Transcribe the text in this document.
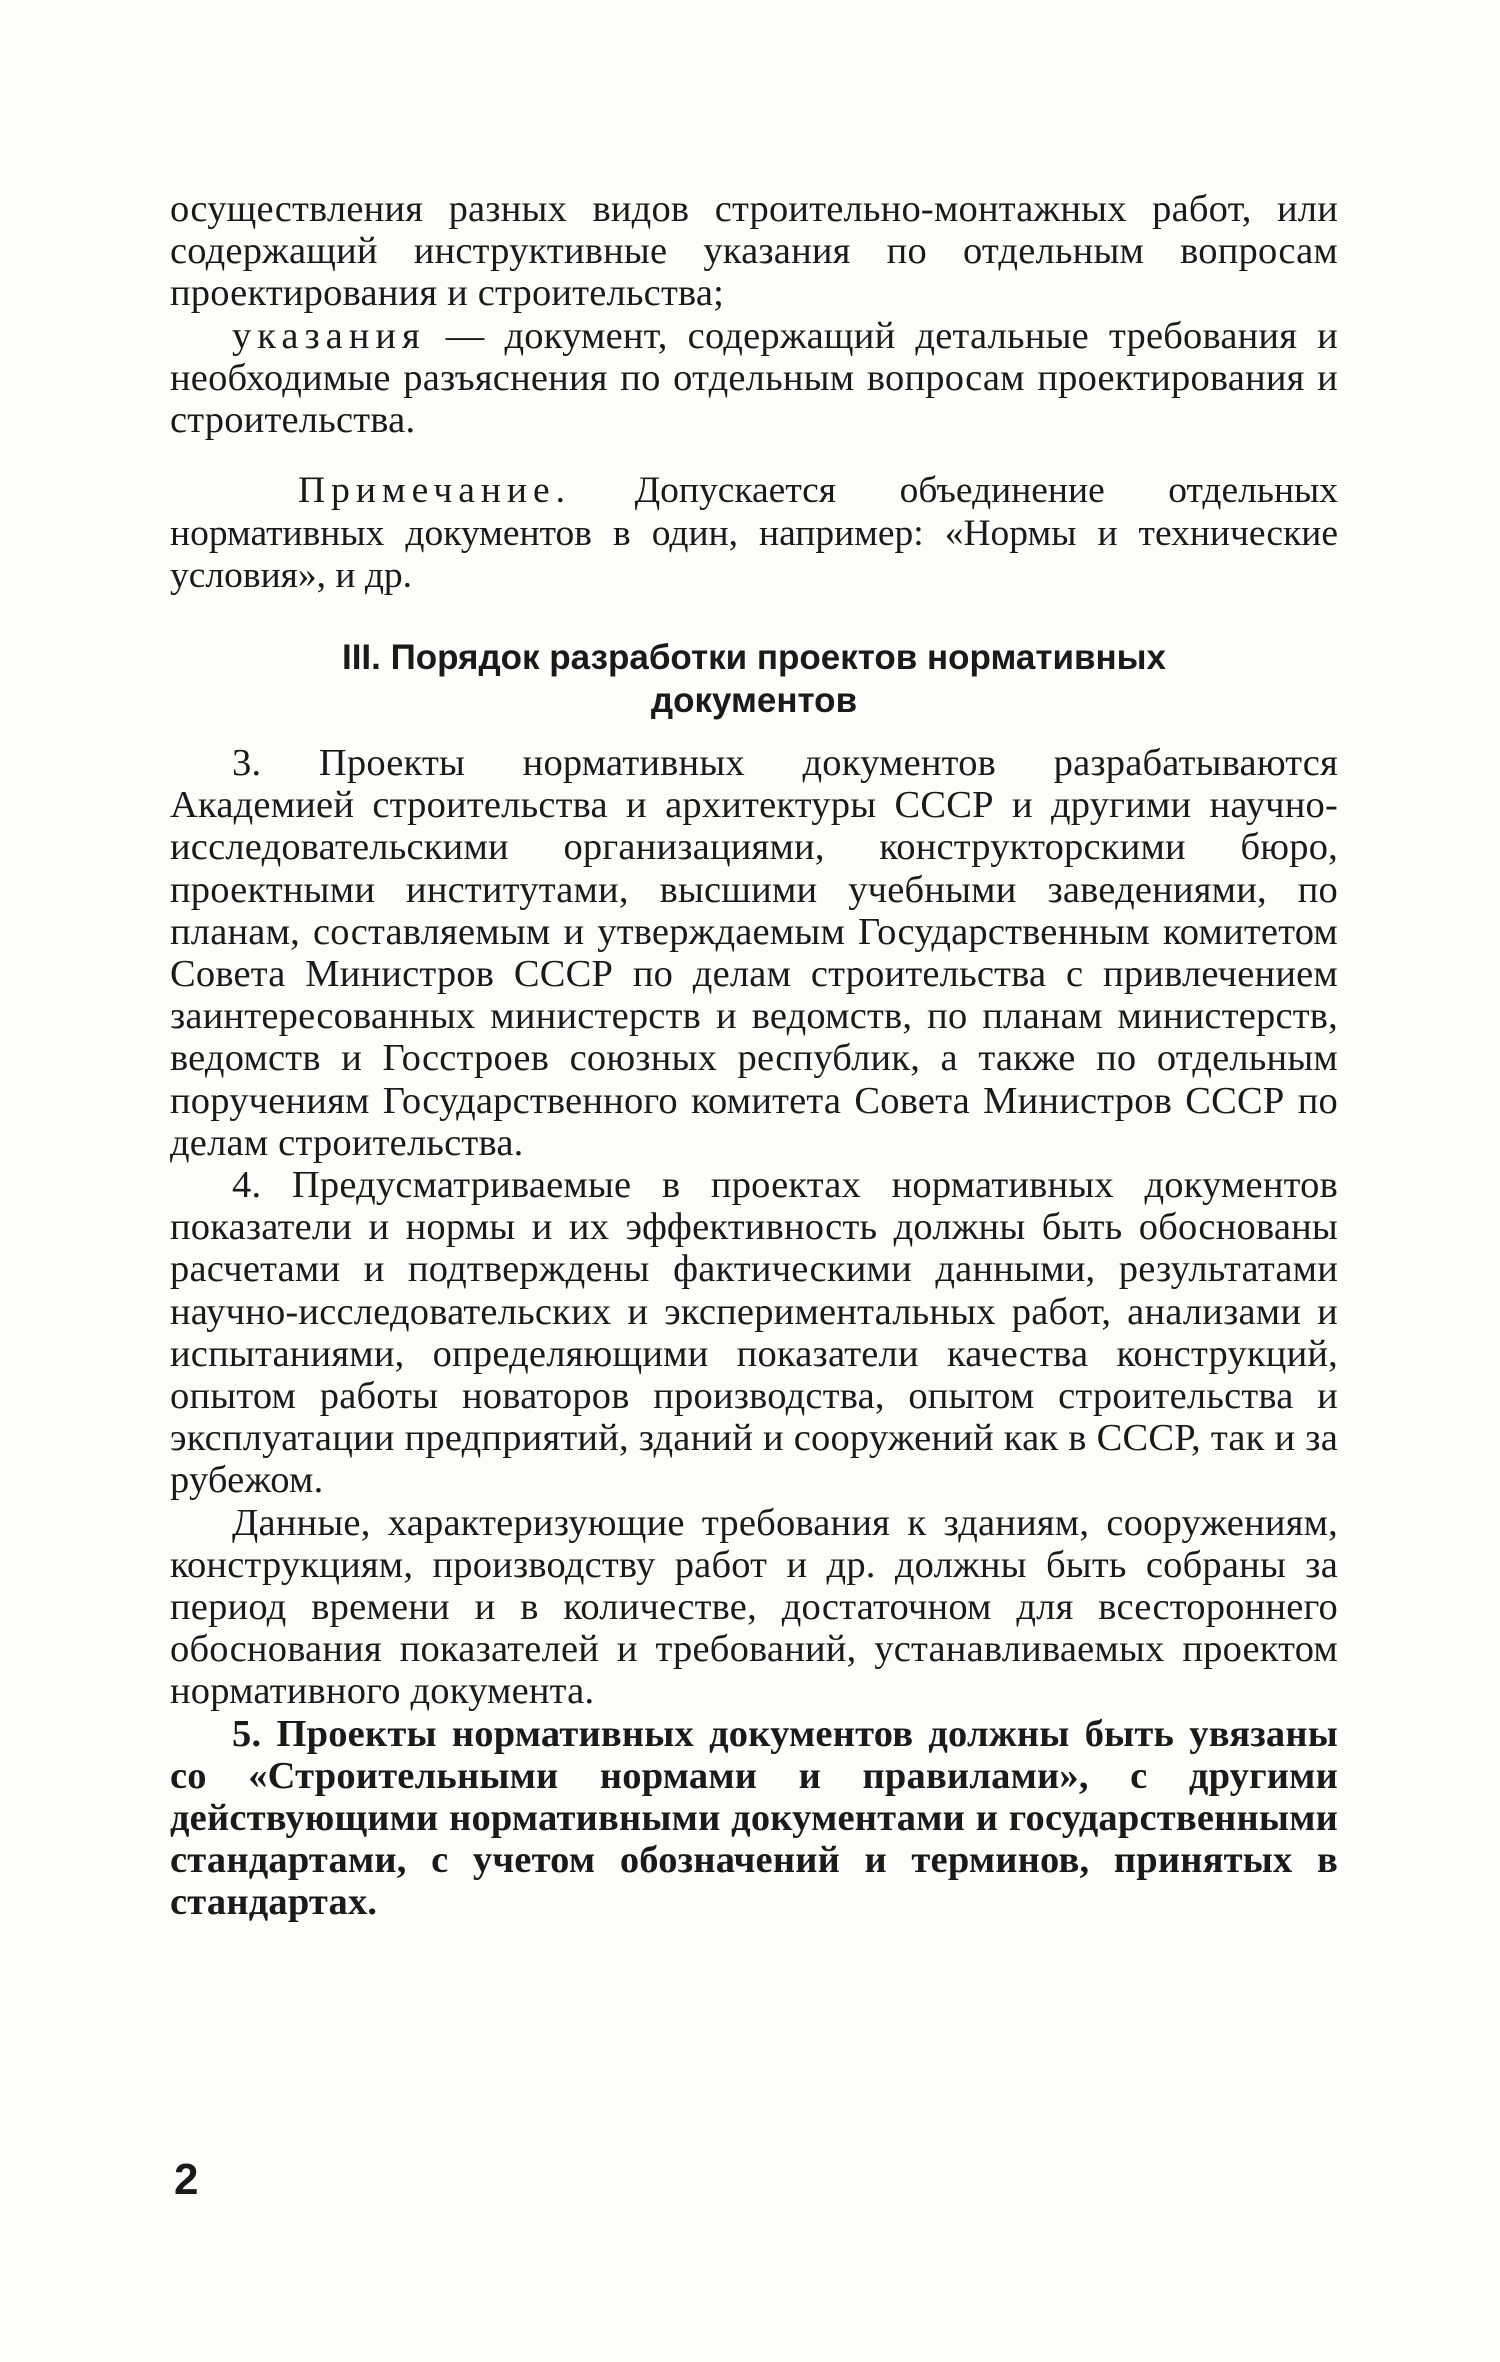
осуществления разных видов строительно-монтажных работ, или содержащий инструктивные указания по отдельным вопросам проектирования и строительства;

указания — документ, содержащий детальные требования и необходимые разъяснения по отдельным вопросам проектирования и строительства.

Примечание. Допускается объединение отдельных нормативных документов в один, например: «Нормы и технические условия», и др.

III. Порядок разработки проектов нормативных
документов

3. Проекты нормативных документов разрабатываются Академией строительства и архитектуры СССР и другими научно-исследовательскими организациями, конструкторскими бюро, проектными институтами, высшими учебными заведениями, по планам, составляемым и утверждаемым Государственным комитетом Совета Министров СССР по делам строительства с привлечением заинтересованных министерств и ведомств, по планам министерств, ведомств и Госстроев союзных республик, а также по отдельным поручениям Государственного комитета Совета Министров СССР по делам строительства.

4. Предусматриваемые в проектах нормативных документов показатели и нормы и их эффективность должны быть обоснованы расчетами и подтверждены фактическими данными, результатами научно-исследовательских и экспериментальных работ, анализами и испытаниями, определяющими показатели качества конструкций, опытом работы новаторов производства, опытом строительства и эксплуатации предприятий, зданий и сооружений как в СССР, так и за рубежом.

Данные, характеризующие требования к зданиям, сооружениям, конструкциям, производству работ и др. должны быть собраны за период времени и в количестве, достаточном для всестороннего обоснования показателей и требований, устанавливаемых проектом нормативного документа.

5. Проекты нормативных документов должны быть увязаны со «Строительными нормами и правилами», с другими действующими нормативными документами и государственными стандартами, с учетом обозначений и терминов, принятых в стандартах.

2
